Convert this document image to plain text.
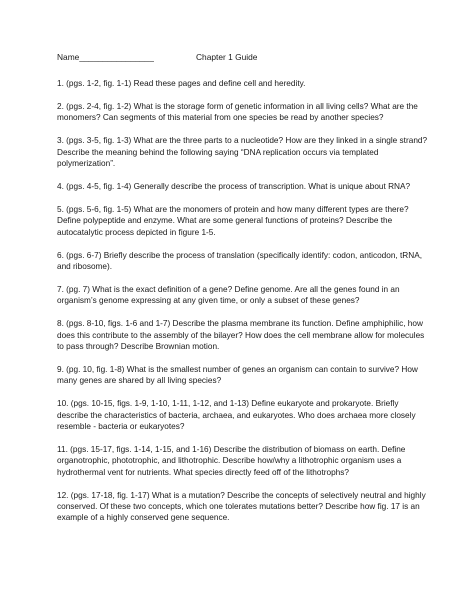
Name________________	Chapter 1 Guide

1. (pgs. 1-2, fig. 1-1) Read these pages and define cell and heredity.

2. (pgs. 2-4, fig. 1-2) What is the storage form of genetic information in all living cells? What are the monomers? Can segments of this material from one species be read by another species?

3. (pgs. 3-5, fig. 1-3) What are the three parts to a nucleotide? How are they linked in a single strand? Describe the meaning behind the following saying “DNA replication occurs via templated polymerization”.

4. (pgs. 4-5, fig. 1-4) Generally describe the process of transcription. What is unique about RNA?

5. (pgs. 5-6, fig. 1-5) What are the monomers of protein and how many different types are there? Define polypeptide and enzyme. What are some general functions of proteins? Describe the autocatalytic process depicted in figure 1-5.

6. (pgs. 6-7) Briefly describe the process of translation (specifically identify: codon, anticodon, tRNA, and ribosome).

7. (pg. 7) What is the exact definition of a gene? Define genome. Are all the genes found in an organism’s genome expressing at any given time, or only a subset of these genes?

8. (pgs. 8-10, figs. 1-6 and 1-7) Describe the plasma membrane its function. Define amphiphilic, how does this contribute to the assembly of the bilayer? How does the cell membrane allow for molecules to pass through? Describe Brownian motion.

9. (pg. 10, fig. 1-8) What is the smallest number of genes an organism can contain to survive? How many genes are shared by all living species?

10. (pgs. 10-15, figs. 1-9, 1-10, 1-11, 1-12, and 1-13) Define eukaryote and prokaryote. Briefly describe the characteristics of bacteria, archaea, and eukaryotes. Who does archaea more closely resemble - bacteria or eukaryotes?

11. (pgs. 15-17, figs. 1-14, 1-15, and 1-16) Describe the distribution of biomass on earth. Define organotrophic, phototrophic, and lithotrophic. Describe how/why a lithotrophic organism uses a hydrothermal vent for nutrients. What species directly feed off of the lithotrophs?

12. (pgs. 17-18, fig. 1-17) What is a mutation? Describe the concepts of selectively neutral and highly conserved. Of these two concepts, which one tolerates mutations better? Describe how fig. 17 is an example of a highly conserved gene sequence.
